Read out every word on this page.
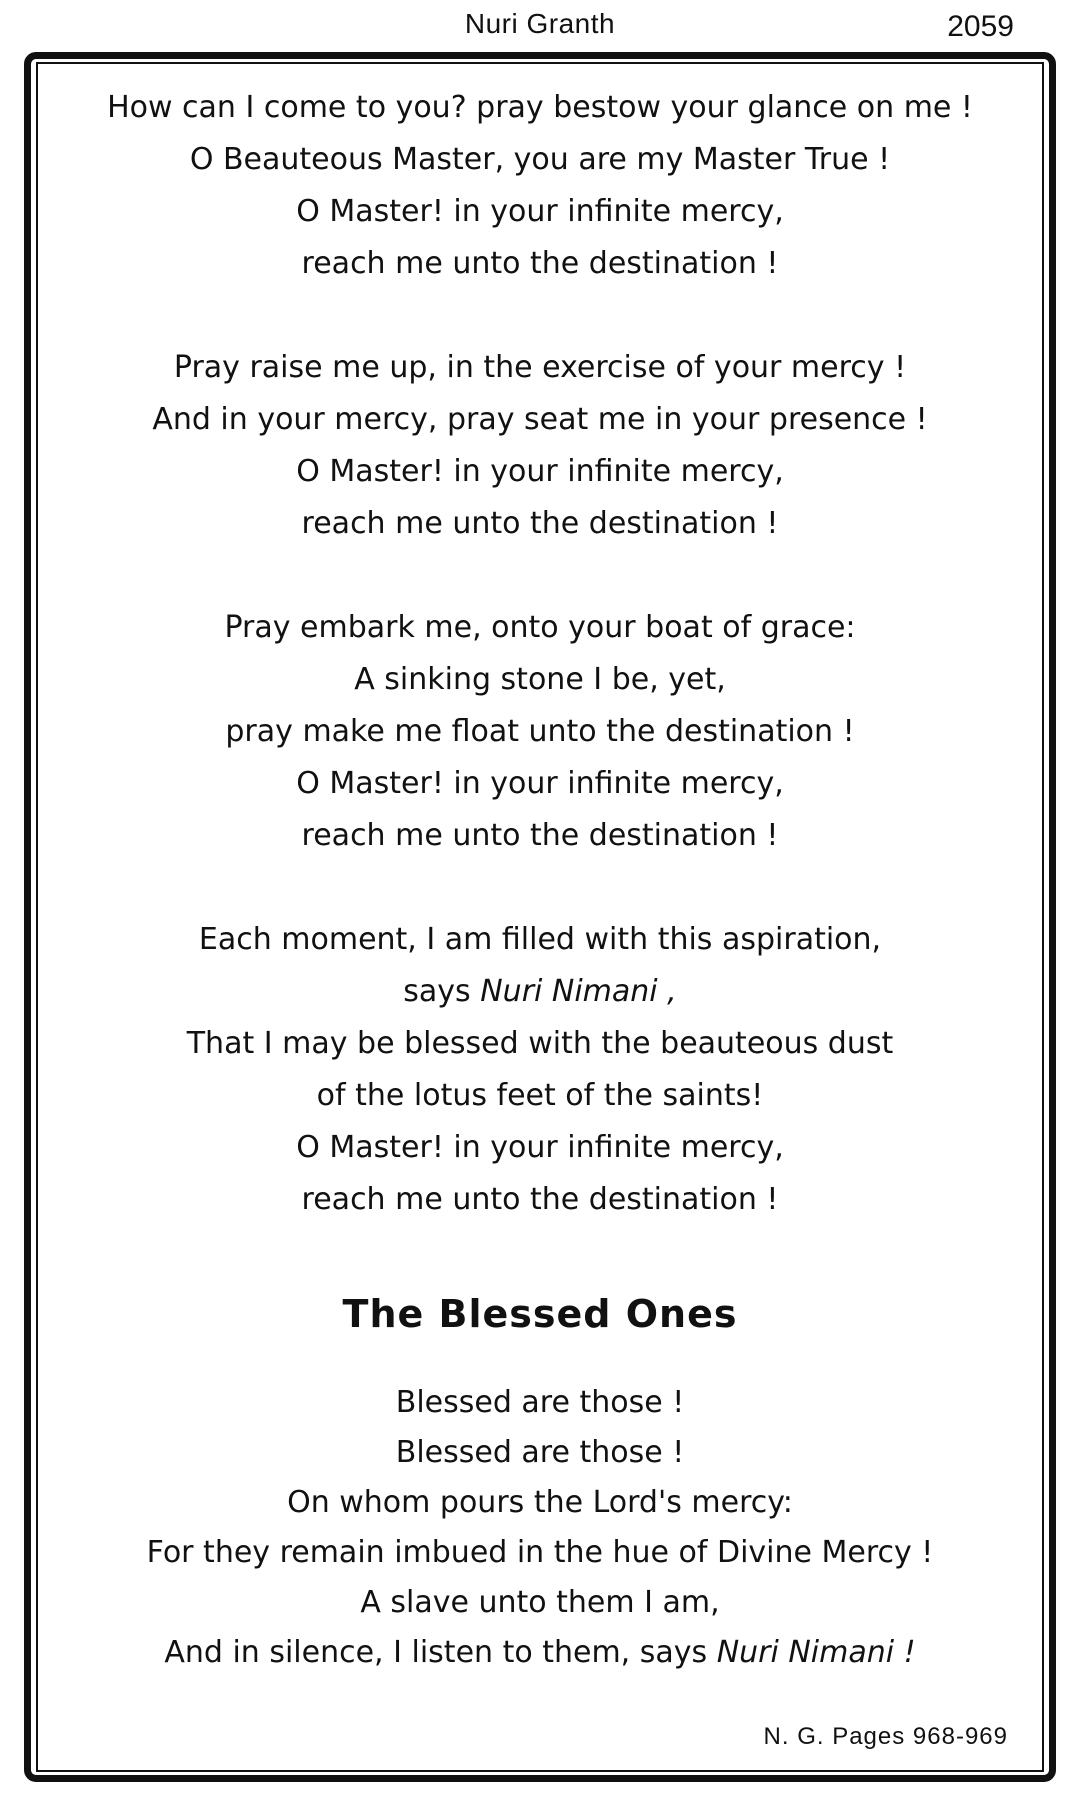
Nuri Granth	2059
How can I come to you? pray bestow your glance on me !
O Beauteous Master, you are my Master True !
O Master! in your infinite mercy,
reach me unto the destination !
Pray raise me up, in the exercise of your mercy !
And in your mercy, pray seat me in your presence !
O Master! in your infinite mercy,
reach me unto the destination !
Pray embark me, onto your boat of grace:
A sinking stone I be, yet,
pray make me float unto the destination !
O Master! in your infinite mercy,
reach me unto the destination !
Each moment, I am filled with this aspiration,
says Nuri Nimani ,
That I may be blessed with the beauteous dust
of the lotus feet of the saints!
O Master! in your infinite mercy,
reach me unto the destination !
The Blessed Ones
Blessed are those !
Blessed are those !
On whom pours the Lord's mercy:
For they remain imbued in the hue of Divine Mercy !
A slave unto them I am,
And in silence, I listen to them, says Nuri Nimani !
N. G. Pages 968-969
